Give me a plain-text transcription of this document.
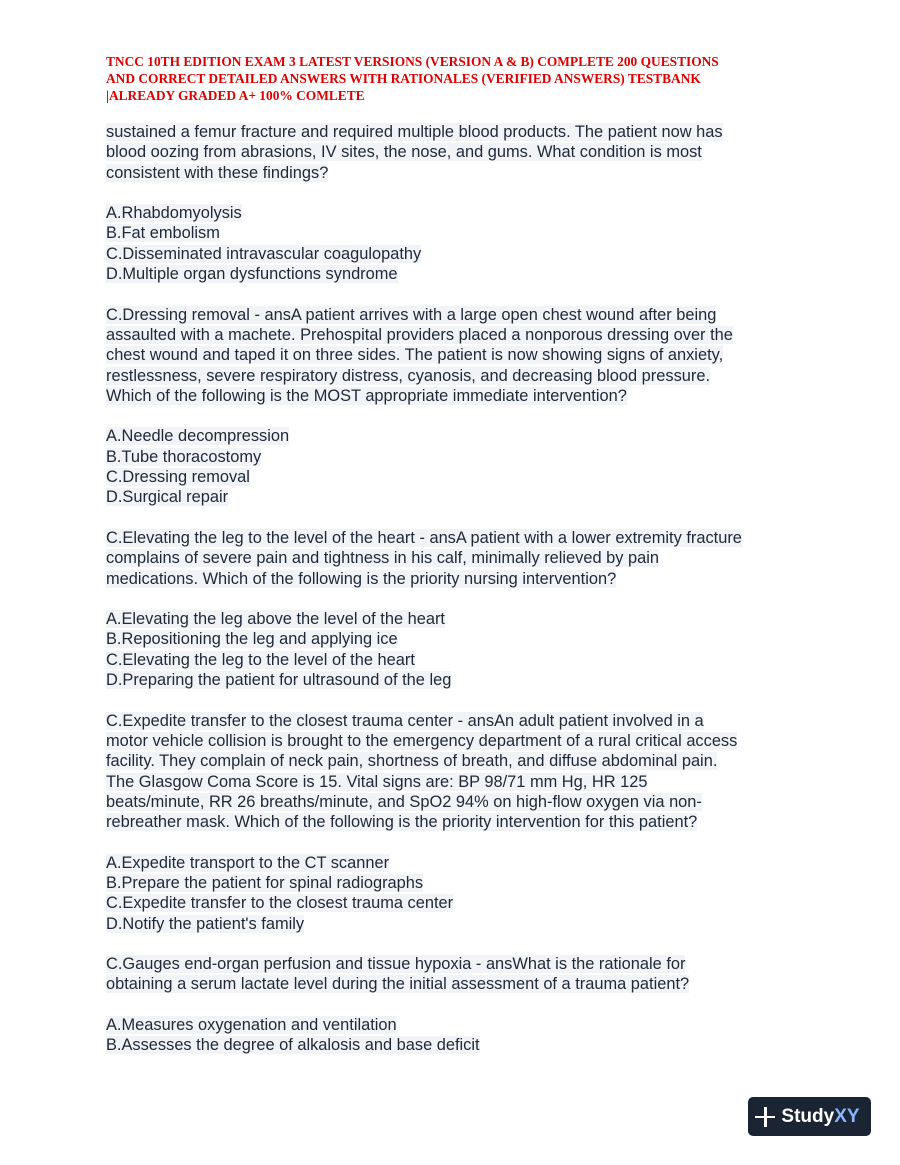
TNCC 10TH EDITION EXAM 3 LATEST VERSIONS (VERSION A & B) COMPLETE 200 QUESTIONS
AND CORRECT DETAILED ANSWERS WITH RATIONALES (VERIFIED ANSWERS) TESTBANK
|ALREADY GRADED A+ 100% COMLETE
sustained a femur fracture and required multiple blood products. The patient now has
blood oozing from abrasions, IV sites, the nose, and gums. What condition is most
consistent with these findings?
A.Rhabdomyolysis
B.Fat embolism
C.Disseminated intravascular coagulopathy
D.Multiple organ dysfunctions syndrome
C.Dressing removal - ansA patient arrives with a large open chest wound after being
assaulted with a machete. Prehospital providers placed a nonporous dressing over the
chest wound and taped it on three sides. The patient is now showing signs of anxiety,
restlessness, severe respiratory distress, cyanosis, and decreasing blood pressure.
Which of the following is the MOST appropriate immediate intervention?
A.Needle decompression
B.Tube thoracostomy
C.Dressing removal
D.Surgical repair
C.Elevating the leg to the level of the heart - ansA patient with a lower extremity fracture
complains of severe pain and tightness in his calf, minimally relieved by pain
medications. Which of the following is the priority nursing intervention?
A.Elevating the leg above the level of the heart
B.Repositioning the leg and applying ice
C.Elevating the leg to the level of the heart
D.Preparing the patient for ultrasound of the leg
C.Expedite transfer to the closest trauma center - ansAn adult patient involved in a
motor vehicle collision is brought to the emergency department of a rural critical access
facility. They complain of neck pain, shortness of breath, and diffuse abdominal pain.
The Glasgow Coma Score is 15. Vital signs are: BP 98/71 mm Hg, HR 125
beats/minute, RR 26 breaths/minute, and SpO2 94% on high-flow oxygen via non-
rebreather mask. Which of the following is the priority intervention for this patient?
A.Expedite transport to the CT scanner
B.Prepare the patient for spinal radiographs
C.Expedite transfer to the closest trauma center
D.Notify the patient's family
C.Gauges end-organ perfusion and tissue hypoxia - ansWhat is the rationale for
obtaining a serum lactate level during the initial assessment of a trauma patient?
A.Measures oxygenation and ventilation
B.Assesses the degree of alkalosis and base deficit
Study XY
